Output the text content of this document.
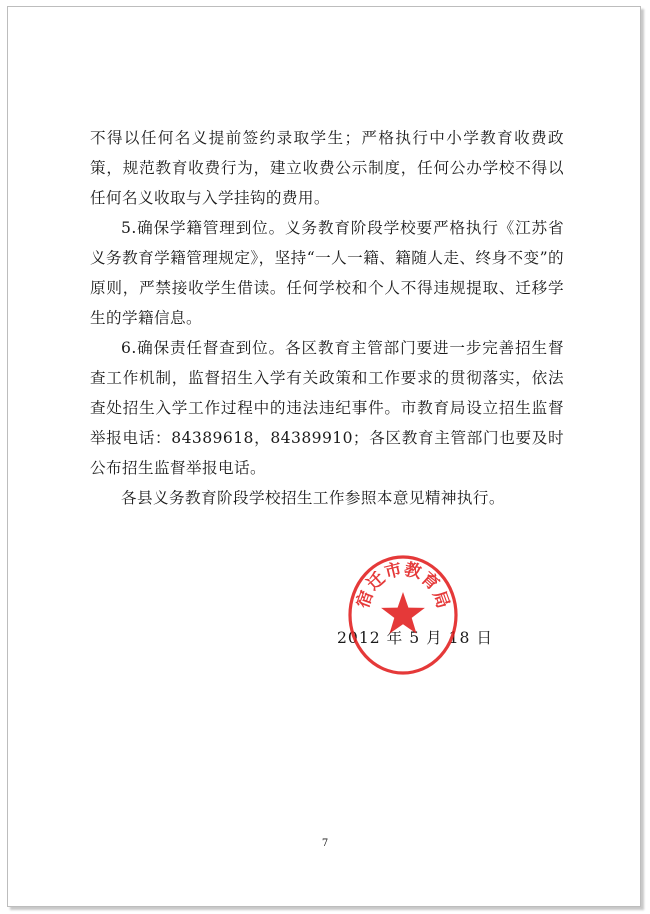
不得以任何名义提前签约录取学生；严格执行中小学教育收费政策，规范教育收费行为，建立收费公示制度，任何公办学校不得以任何名义收取与入学挂钩的费用。

5.确保学籍管理到位。义务教育阶段学校要严格执行《江苏省义务教育学籍管理规定》，坚持“一人一籍、籍随人走、终身不变”的原则，严禁接收学生借读。任何学校和个人不得违规提取、迁移学生的学籍信息。

6.确保责任督查到位。各区教育主管部门要进一步完善招生督查工作机制，监督招生入学有关政策和工作要求的贯彻落实，依法查处招生入学工作过程中的违法违纪事件。市教育局设立招生监督举报电话：84389618，84389910；各区教育主管部门也要及时公布招生监督举报电话。

各县义务教育阶段学校招生工作参照本意见精神执行。

2012 年 5 月 18 日
宿
迁
市
教
育
局
7
